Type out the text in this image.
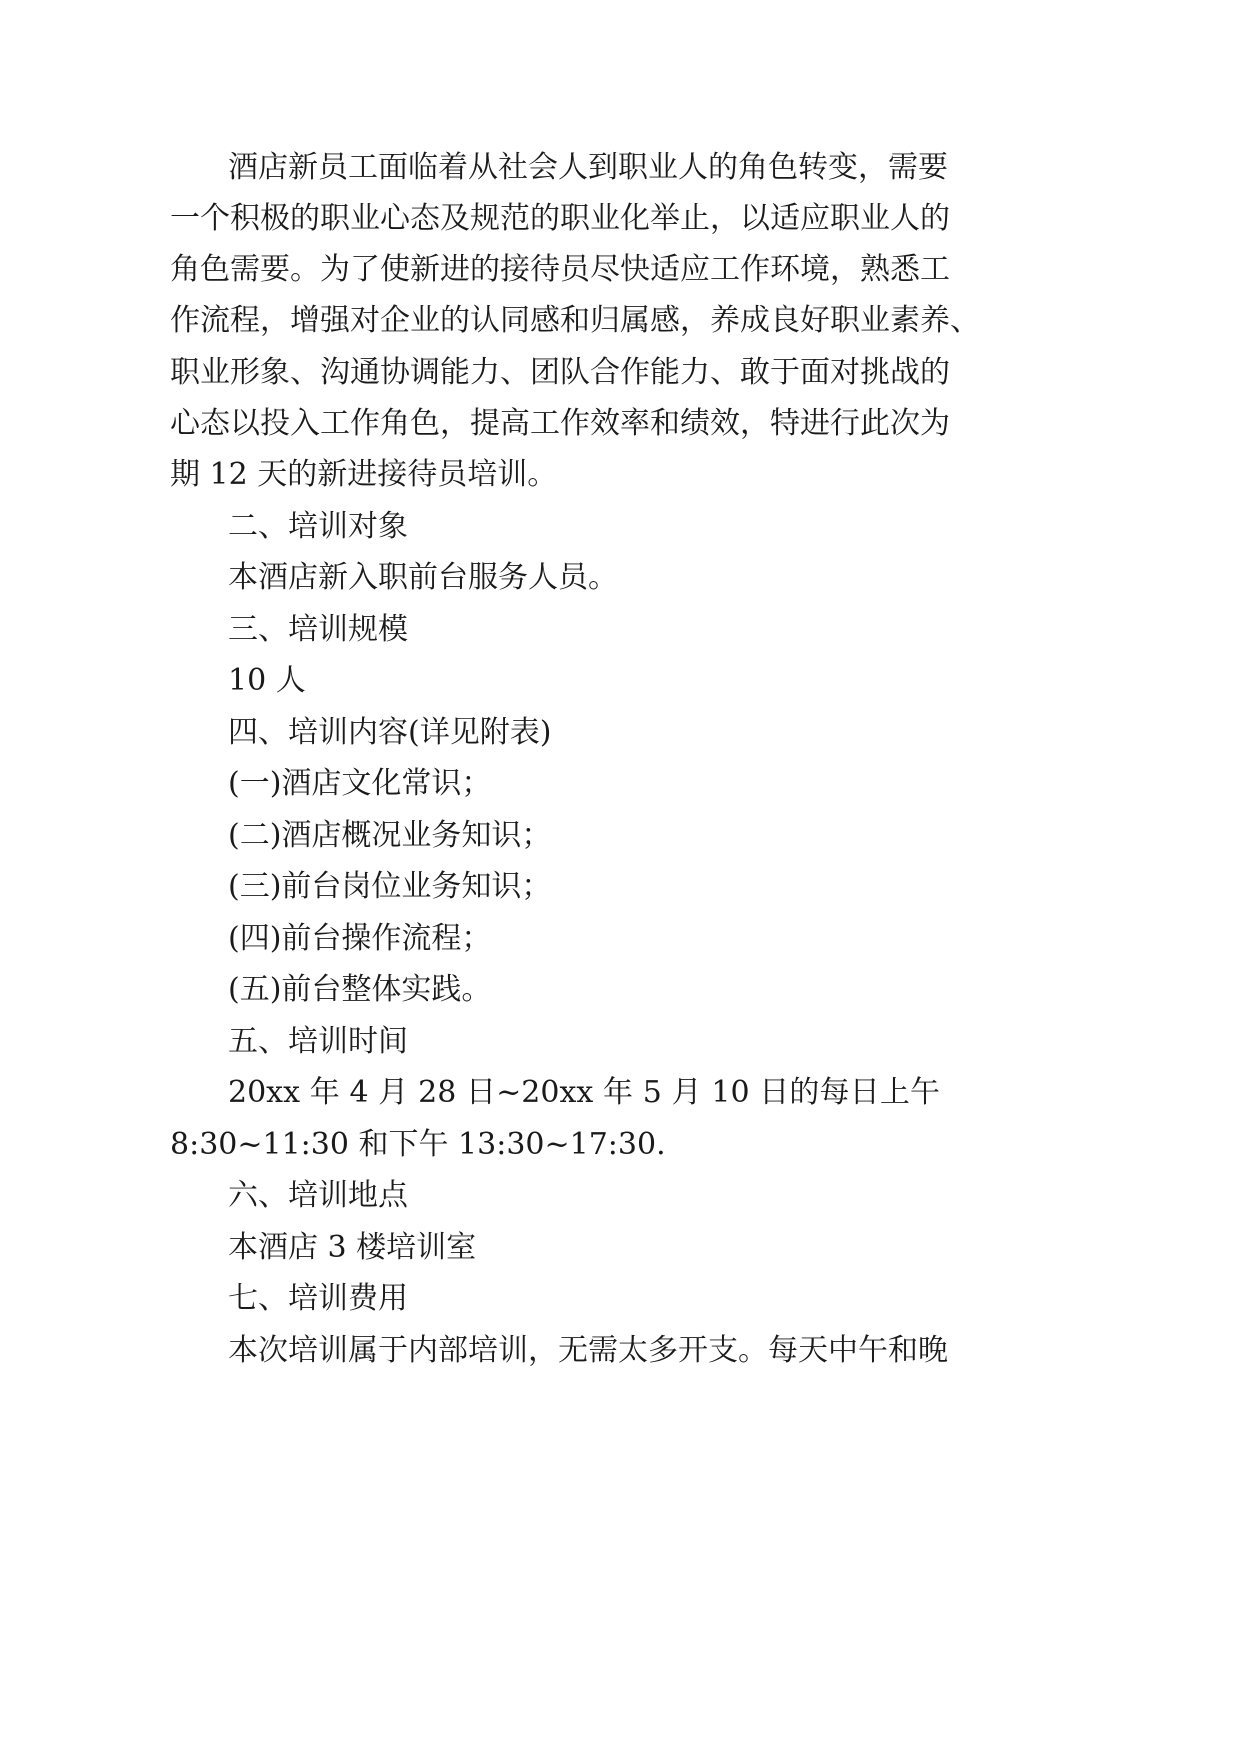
酒店新员工面临着从社会人到职业人的角色转变，需要
一个积极的职业心态及规范的职业化举止，以适应职业人的
角色需要。为了使新进的接待员尽快适应工作环境，熟悉工
作流程，增强对企业的认同感和归属感，养成良好职业素养、
职业形象、沟通协调能力、团队合作能力、敢于面对挑战的
心态以投入工作角色，提高工作效率和绩效，特进行此次为
期 12 天的新进接待员培训。
二、培训对象
本酒店新入职前台服务人员。
三、培训规模
10 人
四、培训内容(详见附表)
(一)酒店文化常识；
(二)酒店概况业务知识；
(三)前台岗位业务知识；
(四)前台操作流程；
(五)前台整体实践。
五、培训时间
20xx 年 4 月 28 日~20xx 年 5 月 10 日的每日上午
8:30~11:30 和下午 13:30~17:30.
六、培训地点
本酒店 3 楼培训室
七、培训费用
本次培训属于内部培训，无需太多开支。每天中午和晚
